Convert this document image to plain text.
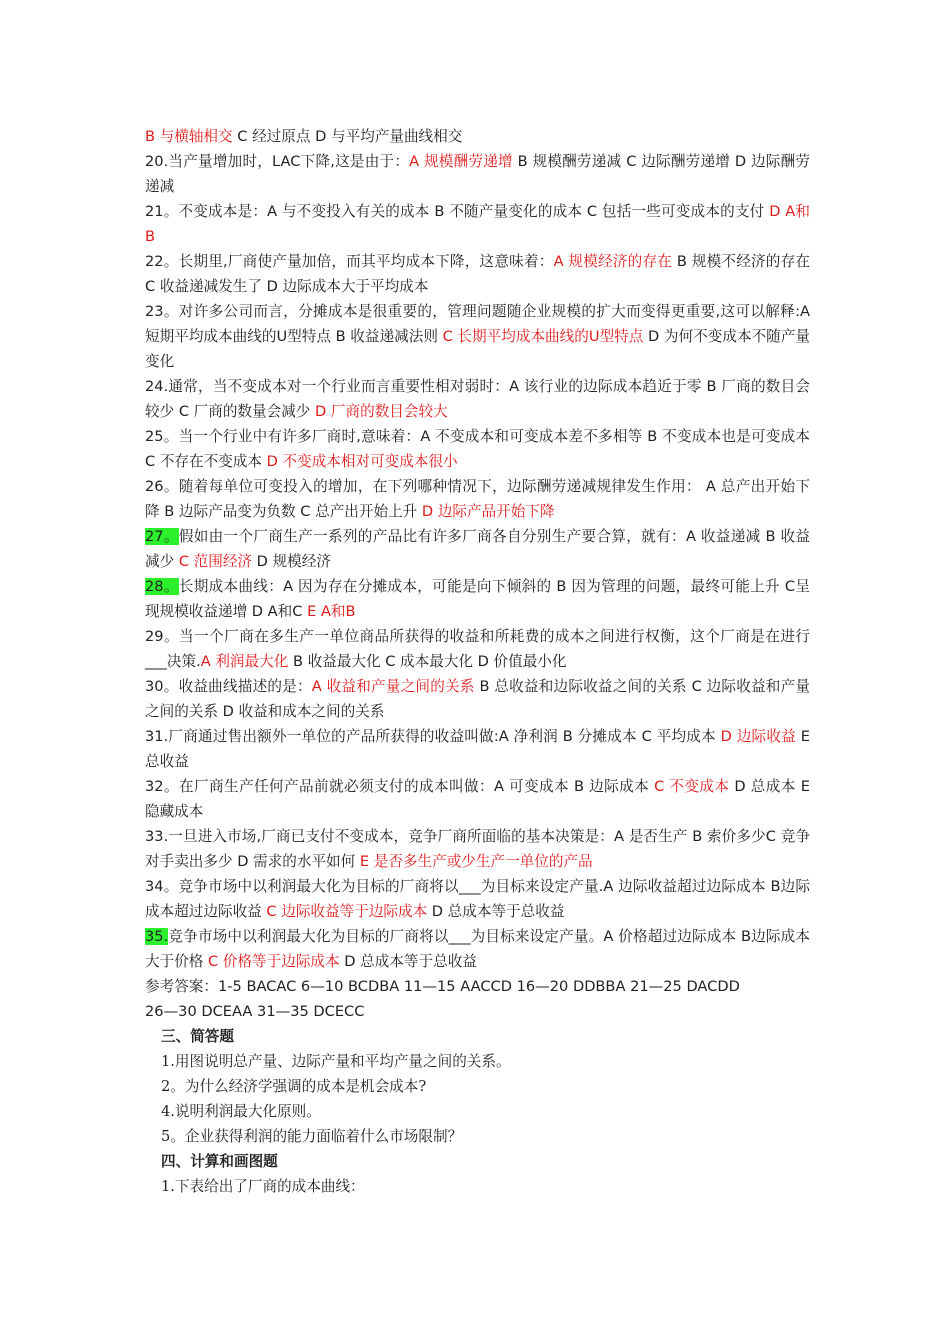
B 与横轴相交 C 经过原点 D 与平均产量曲线相交

20.当产量增加时，LAC下降,这是由于：A 规模酬劳递增 B 规模酬劳递减 C 边际酬劳递增 D 边际酬劳递减

21。不变成本是：A 与不变投入有关的成本 B 不随产量变化的成本 C 包括一些可变成本的支付 D A和B

22。长期里,厂商使产量加倍，而其平均成本下降，这意味着：A 规模经济的存在 B 规模不经济的存在 C 收益递减发生了 D 边际成本大于平均成本

23。对许多公司而言，分摊成本是很重要的，管理问题随企业规模的扩大而变得更重要,这可以解释:A短期平均成本曲线的U型特点 B 收益递减法则 C 长期平均成本曲线的U型特点 D 为何不变成本不随产量变化

24.通常，当不变成本对一个行业而言重要性相对弱时：A 该行业的边际成本趋近于零 B 厂商的数目会较少 C 厂商的数量会减少 D 厂商的数目会较大

25。当一个行业中有许多厂商时,意味着：A 不变成本和可变成本差不多相等 B 不变成本也是可变成本 C 不存在不变成本 D 不变成本相对可变成本很小

26。随着每单位可变投入的增加，在下列哪种情况下，边际酬劳递减规律发生作用： A 总产出开始下降 B 边际产品变为负数 C 总产出开始上升 D 边际产品开始下降

27。假如由一个厂商生产一系列的产品比有许多厂商各自分别生产要合算，就有：A 收益递减 B 收益减少 C 范围经济 D 规模经济

28。长期成本曲线：A 因为存在分摊成本，可能是向下倾斜的 B 因为管理的问题，最终可能上升 C呈现规模收益递增 D A和C E A和B

29。当一个厂商在多生产一单位商品所获得的收益和所耗费的成本之间进行权衡，这个厂商是在进行___决策.A 利润最大化 B 收益最大化 C 成本最大化 D 价值最小化

30。收益曲线描述的是：A 收益和产量之间的关系 B 总收益和边际收益之间的关系 C 边际收益和产量之间的关系 D 收益和成本之间的关系

31.厂商通过售出额外一单位的产品所获得的收益叫做:A 净利润 B 分摊成本 C 平均成本 D 边际收益 E 总收益

32。在厂商生产任何产品前就必须支付的成本叫做：A 可变成本 B 边际成本 C 不变成本 D 总成本 E 隐藏成本

33.一旦进入市场,厂商已支付不变成本，竞争厂商所面临的基本决策是：A 是否生产 B 索价多少C 竞争对手卖出多少 D 需求的水平如何 E 是否多生产或少生产一单位的产品

34。竞争市场中以利润最大化为目标的厂商将以___为目标来设定产量.A 边际收益超过边际成本 B边际成本超过边际收益 C 边际收益等于边际成本 D 总成本等于总收益

35.竞争市场中以利润最大化为目标的厂商将以___为目标来设定产量。A 价格超过边际成本 B边际成本大于价格 C 价格等于边际成本 D 总成本等于总收益

参考答案：1-5 BACAC 6—10 BCDBA 11—15 AACCD 16—20 DDBBA 21—25 DACDD

26—30 DCEAA 31—35 DCECC

三、简答题

1.用图说明总产量、边际产量和平均产量之间的关系。

2。为什么经济学强调的成本是机会成本?

4.说明利润最大化原则。

5。企业获得利润的能力面临着什么市场限制？

四、计算和画图题

1.下表给出了厂商的成本曲线：
